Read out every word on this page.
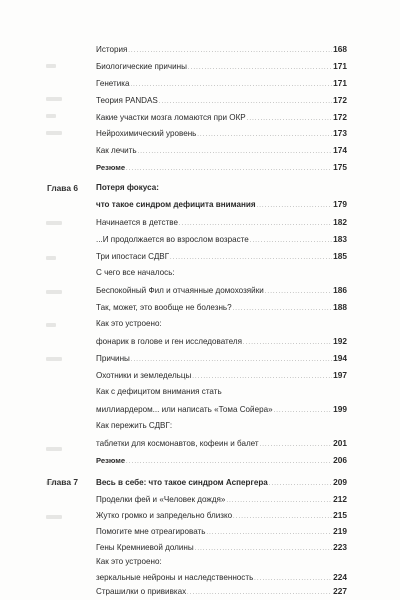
История . . .	168
Биологические причины . . .	171
Генетика . . .	171
Теория PANDAS . . .	172
Какие участки мозга ломаются при ОКР . . .	172
Нейрохимический уровень . . .	173
Как лечить . . .	174
Резюме . . .	175
Глава 6 Потеря фокуса:
что такое синдром дефицита внимания . . .	179
Начинается в детстве . . .	182
...И продолжается во взрослом возрасте . . .	183
Три ипостаси СДВГ . . .	185
С чего все началось:
Беспокойный Фил и отчаянные домохозяйки . . .	186
Так, может, это вообще не болезнь? . . .	188
Как это устроено:
фонарик в голове и ген исследователя . . .	192
Причины . . .	194
Охотники и земледельцы . . .	197
Как с дефицитом внимания стать
миллиардером... или написать «Тома Сойера» . . .	199
Как пережить СДВГ:
таблетки для космонавтов, кофеин и балет . . .	201
Резюме . . .	206
Глава 7 Весь в себе: что такое синдром Аспергера . . .	209
Проделки фей и «Человек дождя» . . .	212
Жутко громко и запредельно близко . . .	215
Помогите мне отреагировать . . .	219
Гены Кремниевой долины . . .	223
Как это устроено:
зеркальные нейроны и наследственность . . .	224
Страшилки о прививках . . .	227
